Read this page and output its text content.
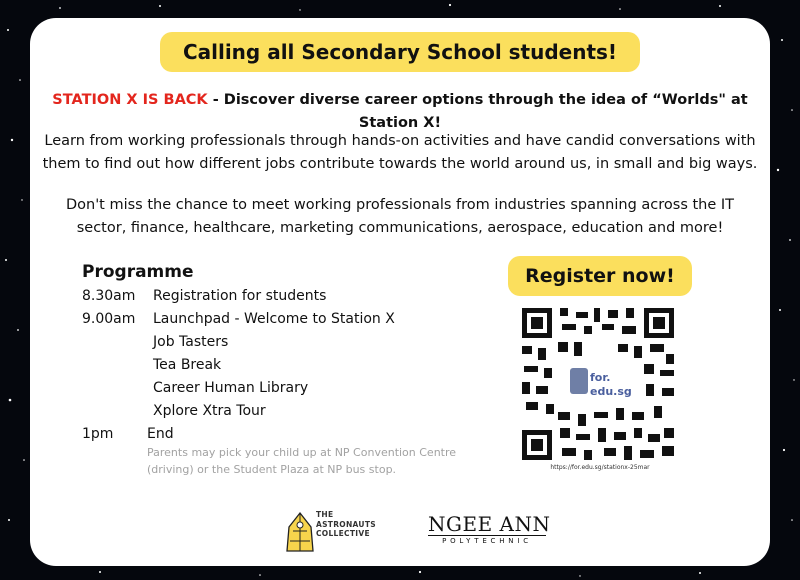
Calling all Secondary School students!
STATION X IS BACK - Discover diverse career options through the idea of “Worlds" at Station X!
Learn from working professionals through hands-on activities and have candid conversations with them to find out how different jobs contribute towards the world around us, in small and big ways.
Don't miss the chance to meet working professionals from industries spanning across the IT sector, finance, healthcare, marketing communications, aerospace, education and more!
Programme
8.30am Registration for students
9.00am Launchpad - Welcome to Station X
Job Tasters
Tea Break
Career Human Library
Xplore Xtra Tour
1pm End
Parents may pick your child up at NP Convention Centre (driving) or the Student Plaza at NP bus stop.
Register now!
for.
edu.sg
https://for.edu.sg/stationx-25mar
THE
ASTRONAUTS
COLLECTIVE	NGEE ANN
POLYTECHNIC
